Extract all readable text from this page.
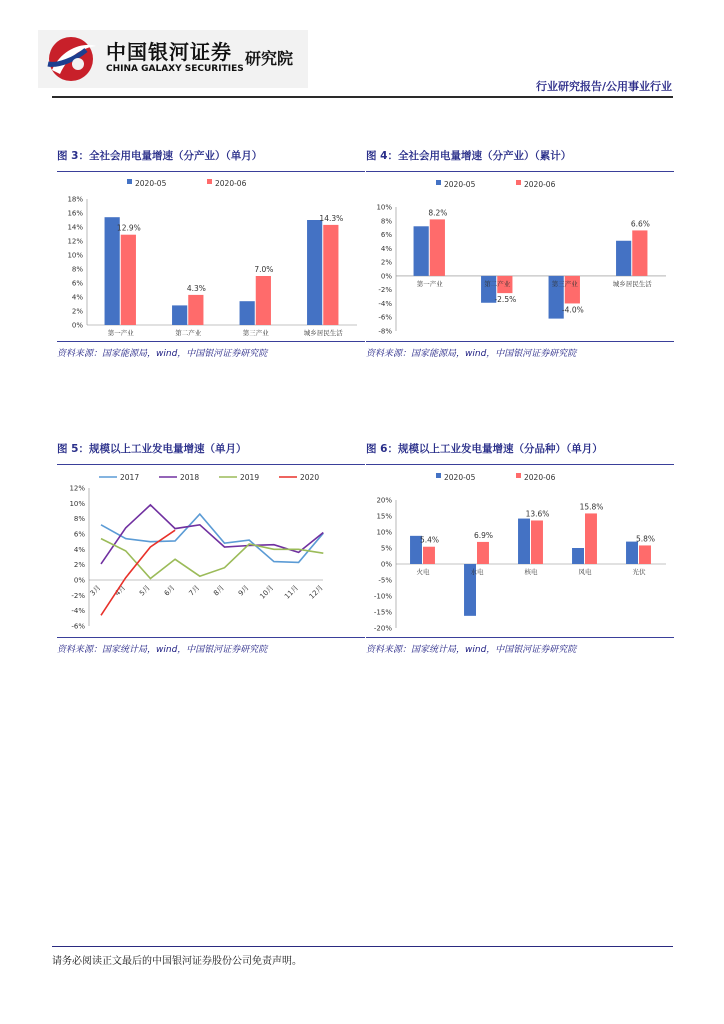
中国银河证券
CHINA GALAXY SECURITIES
研究院
行业研究报告/公用事业行业
图 3：全社会用电量增速（分产业）（单月）
2020-05	2020-06
0%
2%
4%
6%
8%
10%
12%
14%
16%
18%
12.9%
第一产业
4.3%
第二产业
7.0%
第三产业
14.3%
城乡居民生活
资料来源：国家能源局，wind，中国银河证券研究院
图 4：全社会用电量增速（分产业）（累计）
2020-05	2020-06
-8%
-6%
-4%
-2%
0%
2%
4%
6%
8%
10%
8.2%
第一产业
-2.5%
第二产业
-4.0%
第三产业
6.6%
城乡居民生活
资料来源：国家能源局，wind，中国银河证券研究院
图 5：规模以上工业发电量增速（单月）
2017	2018	2019	2020
-6%
-4%
-2%
0%
2%
4%
6%
8%
10%
12%
3月 4月 5月 6月 7月 8月 9月 10月 11月 12月
资料来源：国家统计局，wind，中国银河证券研究院
图 6：规模以上工业发电量增速（分品种）（单月）
2020-05	2020-06
-20%
-15%
-10%
-5%
0%
5%
10%
15%
20%
5.4%
火电
6.9%
水电
13.6%
核电
15.8%
风电
5.8%
光伏
资料来源：国家统计局，wind，中国银河证券研究院
请务必阅读正文最后的中国银河证券股份公司免责声明。
